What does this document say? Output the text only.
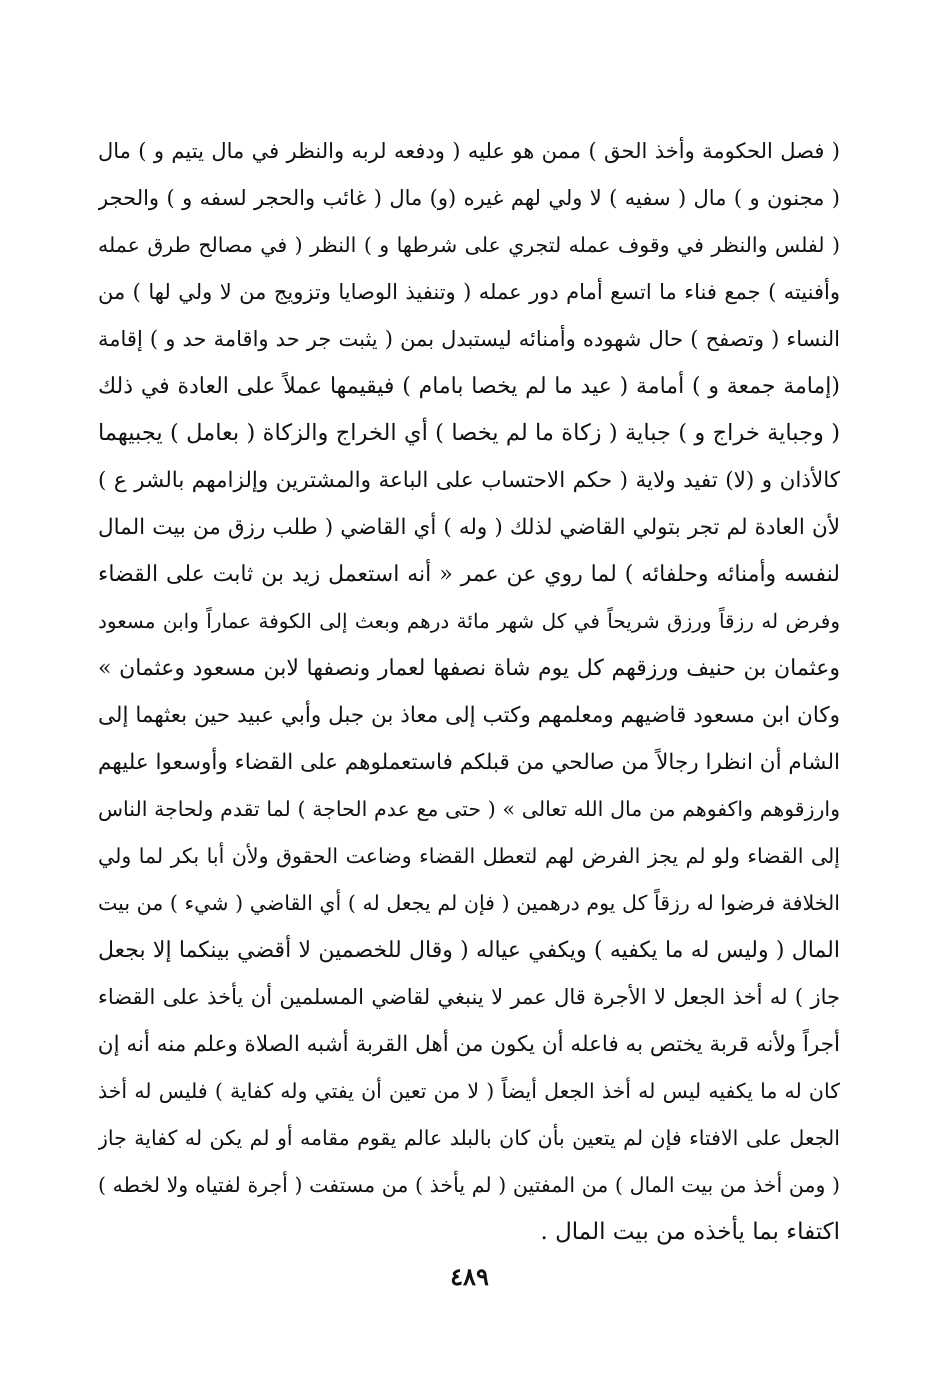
( فصل الحكومة وأخذ الحق ) ممن هو عليه ( ودفعه لربه والنظر في مال يتيم و ) مال
( مجنون و ) مال ( سفيه ) لا ولي لهم غيره (و) مال ( غائب والحجر لسفه و ) والحجر
( لفلس والنظر في وقوف عمله لتجري على شرطها و ) النظر ( في مصالح طرق عمله
وأفنيته ) جمع فناء ما اتسع أمام دور عمله ( وتنفيذ الوصايا وتزويج من لا ولي لها ) من
النساء ( وتصفح ) حال شهوده وأمنائه ليستبدل بمن ( يثبت جر حد واقامة حد و ) إقامة
(إمامة جمعة و ) أمامة ( عيد ما لم يخصا بامام ) فيقيمها عملاً على العادة في ذلك
( وجباية خراج و ) جباية ( زكاة ما لم يخصا ) أي الخراج والزكاة ( بعامل ) يجبيهما
كالأذان و (لا) تفيد ولاية ( حكم الاحتساب على الباعة والمشترين وإلزامهم بالشر ع )
لأن العادة لم تجر بتولي القاضي لذلك ( وله ) أي القاضي ( طلب رزق من بيت المال
لنفسه وأمنائه وحلفائه ) لما روي عن عمر « أنه استعمل زيد بن ثابت على القضاء
وفرض له رزقاً ورزق شريحاً في كل شهر مائة درهم وبعث إلى الكوفة عماراً وابن مسعود
وعثمان بن حنيف ورزقهم كل يوم شاة نصفها لعمار ونصفها لابن مسعود وعثمان »
وكان ابن مسعود قاضيهم ومعلمهم وكتب إلى معاذ بن جبل وأبي عبيد حين بعثهما إلى
الشام أن انظرا رجالاً من صالحي من قبلكم فاستعملوهم على القضاء وأوسعوا عليهم
وارزقوهم واكفوهم من مال الله تعالى » ( حتى مع عدم الحاجة ) لما تقدم ولحاجة الناس
إلى القضاء ولو لم يجز الفرض لهم لتعطل القضاء وضاعت الحقوق ولأن أبا بكر لما ولي
الخلافة فرضوا له رزقاً كل يوم درهمين ( فإن لم يجعل له ) أي القاضي ( شيء ) من بيت
المال ( وليس له ما يكفيه ) ويكفي عياله ( وقال للخصمين لا أقضي بينكما إلا بجعل
جاز ) له أخذ الجعل لا الأجرة قال عمر لا ينبغي لقاضي المسلمين أن يأخذ على القضاء
أجراً ولأنه قربة يختص به فاعله أن يكون من أهل القربة أشبه الصلاة وعلم منه أنه إن
كان له ما يكفيه ليس له أخذ الجعل أيضاً ( لا من تعين أن يفتي وله كفاية ) فليس له أخذ
الجعل على الافتاء فإن لم يتعين بأن كان بالبلد عالم يقوم مقامه أو لم يكن له كفاية جاز
( ومن أخذ من بيت المال ) من المفتين ( لم يأخذ ) من مستفت ( أجرة لفتياه ولا لخطه )
اكتفاء بما يأخذه من بيت المال .
٤٨٩
